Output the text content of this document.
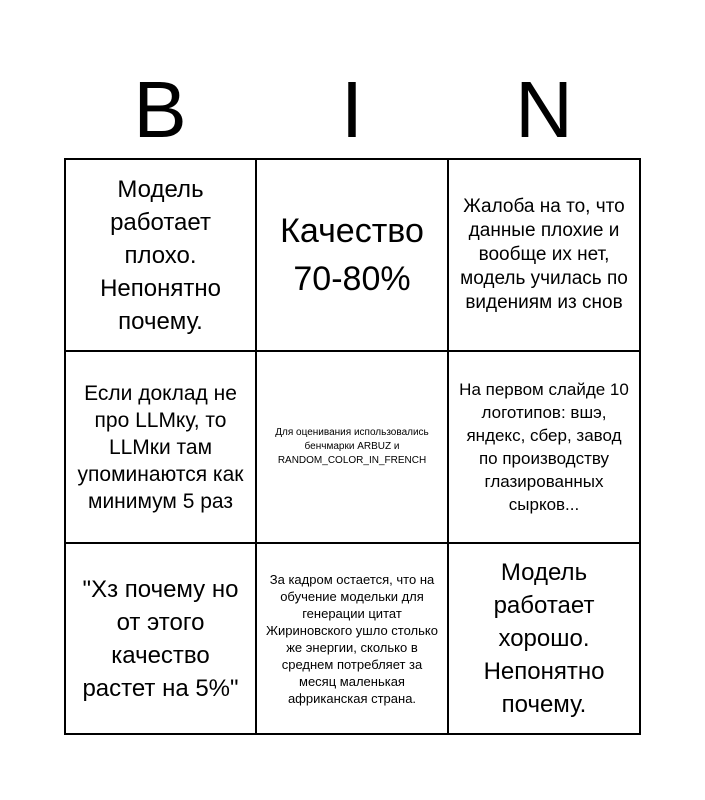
B	I	N
Модель работает плохо. Непонятно почему.
Качество 70-80%
Жалоба на то, что данные плохие и вообще их нет, модель училась по видениям из снов
Если доклад не про LLMку, то LLMки там упоминаются как минимум 5 раз
Для оценивания использовались бенчмарки ARBUZ и RANDOM_COLOR_IN_FRENCH
На первом слайде 10 логотипов: вшэ, яндекс, сбер, завод по производству глазированных сырков...
"Хз почему но от этого качество растет на 5%"
За кадром остается, что на обучение модельки для генерации цитат Жириновского ушло столько же энергии, сколько в среднем потребляет за месяц маленькая африканская страна.
Модель работает хорошо. Непонятно почему.
